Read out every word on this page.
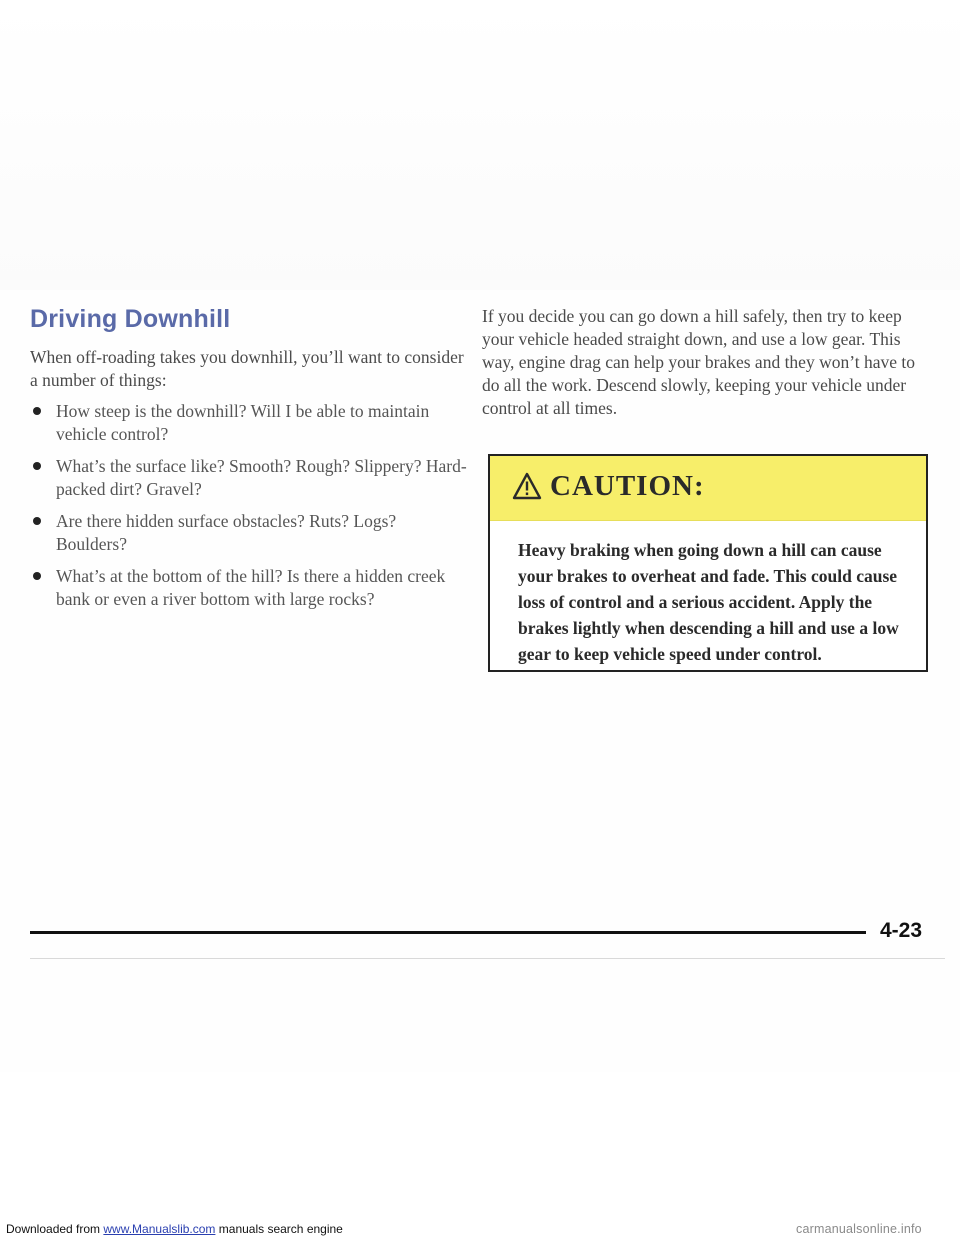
Driving Downhill

When off-roading takes you downhill, you’ll want to consider a number of things:

How steep is the downhill? Will I be able to maintain vehicle control?
What’s the surface like? Smooth? Rough? Slippery? Hard-packed dirt? Gravel?
Are there hidden surface obstacles? Ruts? Logs? Boulders?
What’s at the bottom of the hill? Is there a hidden creek bank or even a river bottom with large rocks?

If you decide you can go down a hill safely, then try to keep your vehicle headed straight down, and use a low gear. This way, engine drag can help your brakes and they won’t have to do all the work. Descend slowly, keeping your vehicle under control at all times.

CAUTION:
Heavy braking when going down a hill can cause your brakes to overheat and fade. This could cause loss of control and a serious accident. Apply the brakes lightly when descending a hill and use a low gear to keep vehicle speed under control.
4-23
Downloaded from www.Manualslib.com manuals search engine	carmanualsonline.info
